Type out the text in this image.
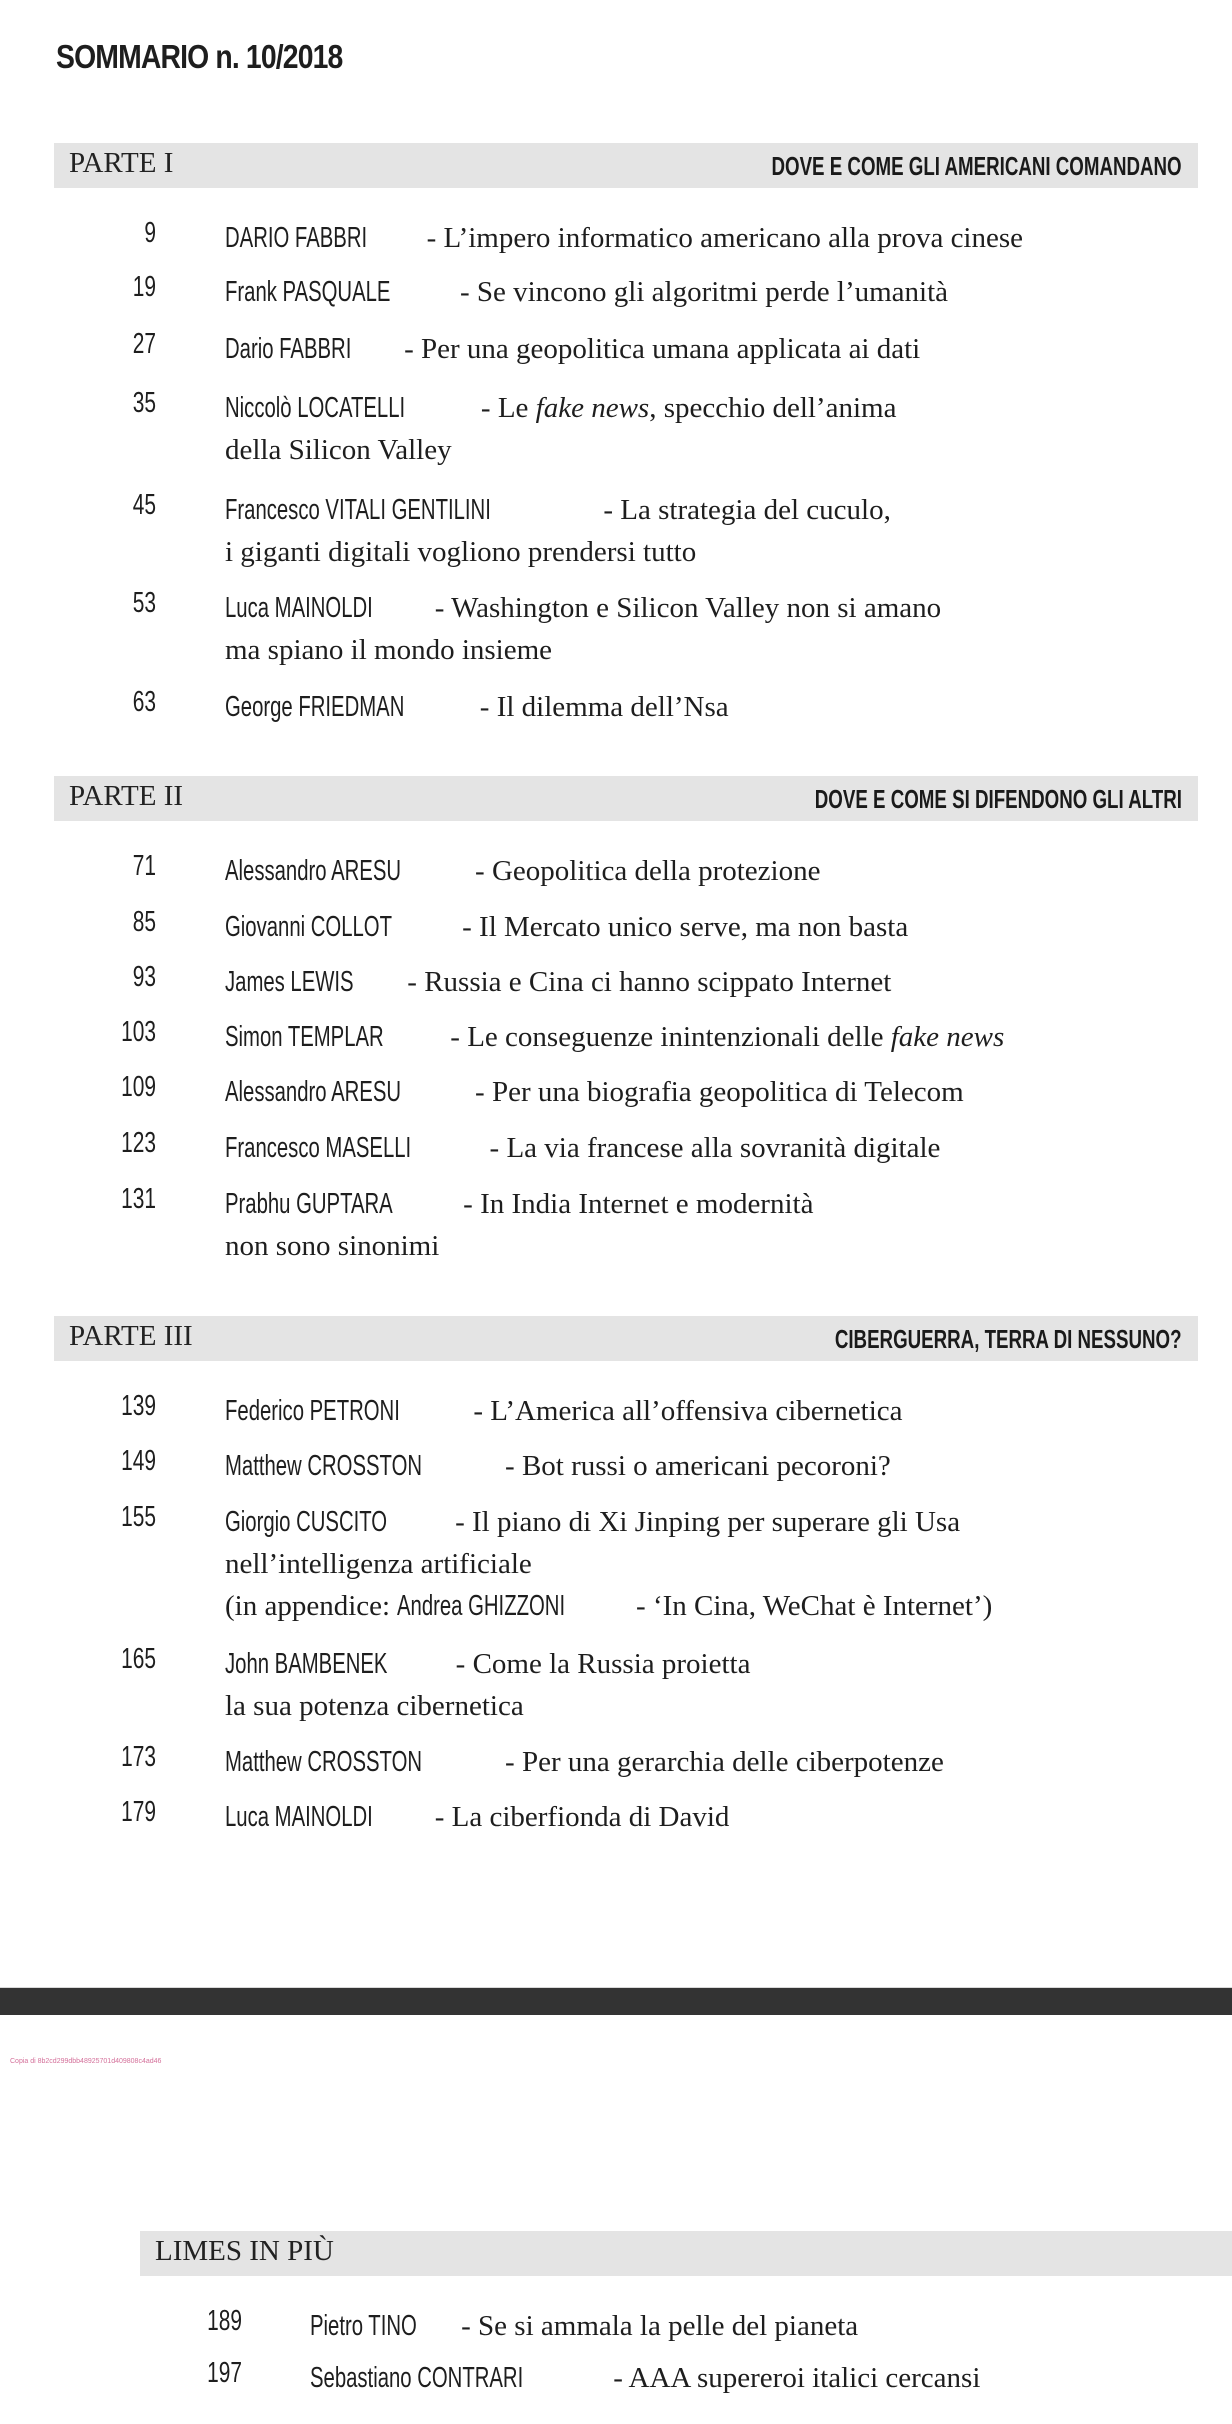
SOMMARIO n. 10/2018
PARTE I	DOVE E COME GLI AMERICANI COMANDANO
9 DARIO FABBRI - L’impero informatico americano alla prova cinese
19 Frank PASQUALE - Se vincono gli algoritmi perde l’umanità
27 Dario FABBRI - Per una geopolitica umana applicata ai dati
35 Niccolò LOCATELLI - Le fake news, specchio dell’anima
della Silicon Valley
45 Francesco VITALI GENTILINI	- La strategia del cuculo,
i giganti digitali vogliono prendersi tutto
53 Luca MAINOLDI - Washington e Silicon Valley non si amano
ma spiano il mondo insieme
63 George FRIEDMAN - Il dilemma dell’Nsa
PARTE II	DOVE E COME SI DIFENDONO GLI ALTRI
71 Alessandro ARESU - Geopolitica della protezione
85 Giovanni COLLOT - Il Mercato unico serve, ma non basta
93 James LEWIS - Russia e Cina ci hanno scippato Internet
103 Simon TEMPLAR - Le conseguenze inintenzionali delle fake news
109 Alessandro ARESU - Per una biografia geopolitica di Telecom
123 Francesco MASELLI - La via francese alla sovranità digitale
131 Prabhu GUPTARA - In India Internet e modernità
non sono sinonimi
PARTE III	CIBERGUERRA, TERRA DI NESSUNO?
139 Federico PETRONI - L’America all’offensiva cibernetica
149 Matthew CROSSTON	- Bot russi o americani pecoroni?
155 Giorgio CUSCITO - Il piano di Xi Jinping per superare gli Usa
nell’intelligenza artificiale
(in appendice: Andrea GHIZZONI - ‘In Cina, WeChat è Internet’)
165 John BAMBENEK - Come la Russia proietta
la sua potenza cibernetica
173 Matthew CROSSTON	- Per una gerarchia delle ciberpotenze
179 Luca MAINOLDI - La ciberfionda di David
Copia di 8b2cd299dbb48925701d409808c4ad46
LIMES IN PIÙ
189 Pietro TINO - Se si ammala la pelle del pianeta
197 Sebastiano CONTRARI	- AAA supereroi italici cercansi
